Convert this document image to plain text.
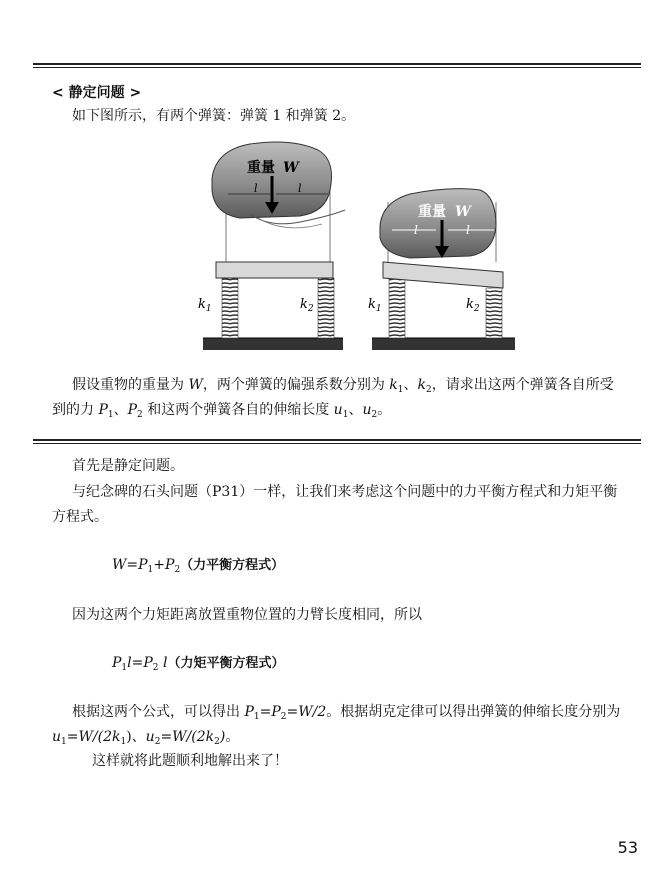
< 静定问题 >
如下图所示，有两个弹簧：弹簧 1 和弹簧 2。
l	l
重量 W
$k_1$	$k_2$
l	l
重量 W
$k_1$	$k_2$
假设重物的重量为 W，两个弹簧的偏强系数分别为 $k_1$、$k_2$，请求出这两个弹簧各自所受
到的力 $P_1$、$P_2$ 和这两个弹簧各自的伸缩长度 $u_1$、$u_2$。
首先是静定问题。
与纪念碑的石头问题（P31）一样，让我们来考虑这个问题中的力平衡方程式和力矩平衡
方程式。
$W=P_1+P_2$（力平衡方程式）
因为这两个力矩距离放置重物位置的力臂长度相同，所以
$P_1l=P_2$ l（力矩平衡方程式）
根据这两个公式，可以得出 $P_1=P_2=W/2$。根据胡克定律可以得出弹簧的伸缩长度分别为
$u_1=W/(2k_1)$、$u_2=W/(2k_2)$。
这样就将此题顺利地解出来了！
53
